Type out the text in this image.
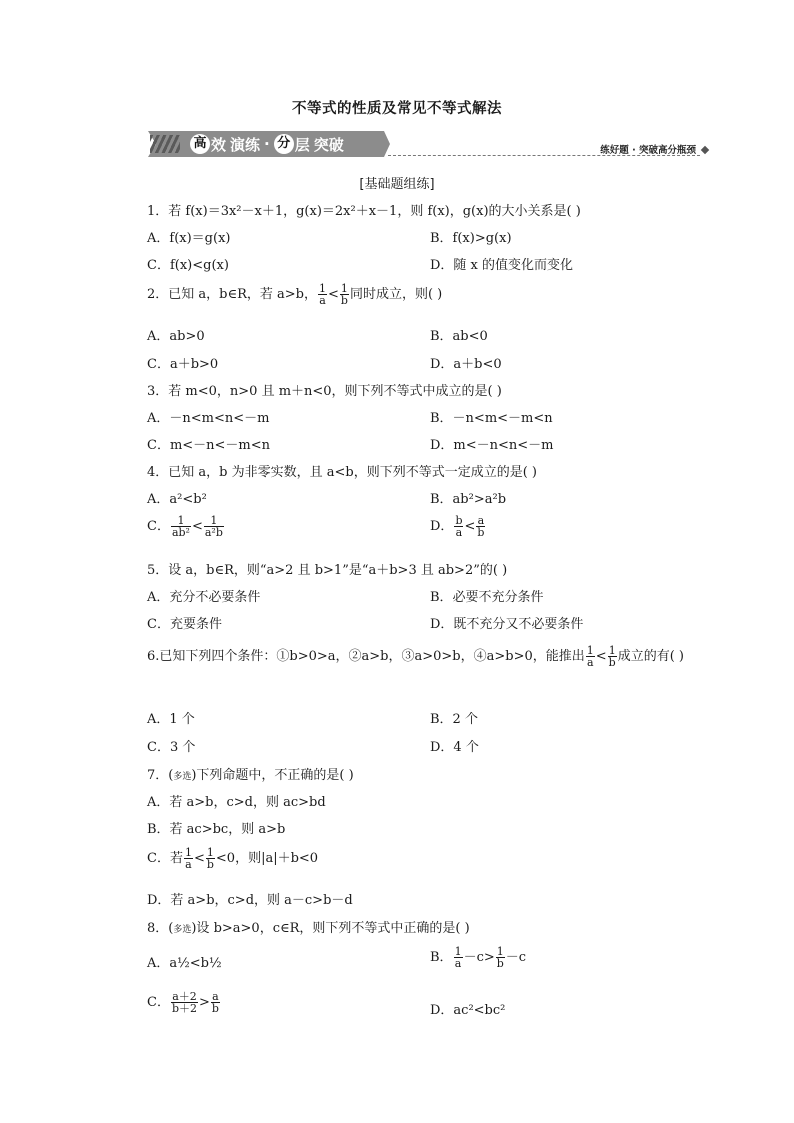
不等式的性质及常见不等式解法
高 效 演练 · 分 层 突破	练好题 · 突破高分瓶颈
[基础题组练]
1．若 f(x)＝3x²－x＋1，g(x)＝2x²＋x－1，则 f(x)，g(x)的大小关系是( )
A．f(x)＝g(x)	B．f(x)>g(x)
C．f(x)<g(x)	D．随 x 的值变化而变化
2．已知 a，b∈R，若 a>b， $\frac{1}{a} < \frac{1}{b}$ 同时成立，则( )
A．ab>0	B．ab<0
C．a＋b>0	D．a＋b<0
3．若 m<0，n>0 且 m＋n<0，则下列不等式中成立的是( )
A．－n<m<n<－m	B．－n<m<－m<n
C．m<－n<－m<n	D．m<－n<n<－m
4．已知 a，b 为非零实数，且 a<b，则下列不等式一定成立的是( )
A．a²<b²	B．ab²>a²b
C． $\frac{1}{\text{ab²}} < \frac{1}{\text{a²b}}$	D． $\frac{b}{a} < \frac{a}{b}$
5．设 a，b∈R，则“a>2 且 b>1”是“a＋b>3 且 ab>2”的( )
A．充分不必要条件	B．必要不充分条件
C．充要条件	D．既不充分又不必要条件
6.已知下列四个条件：①b>0>a，②a>b，③a>0>b，④a>b>0，能推出 $\frac{1}{a} < \frac{1}{b}$ 成立的有( )
A．1 个	B．2 个
C．3 个	D．4 个
7．(多选)下列命题中，不正确的是( )
A．若 a>b，c>d，则 ac>bd
B．若 ac>bc，则 a>b
C．若 $\frac{1}{a} < \frac{1}{b} <0$，则|a|＋b<0
D．若 a>b，c>d，则 a－c>b－d
8．(多选)设 b>a>0，c∈R，则下列不等式中正确的是( )
A．a½<b½	B． $\frac{1}{a} -c> \frac{1}{b} -c$
C． $\frac{a+2}{b+2} > \frac{a}{b}$	D．ac²<bc²
